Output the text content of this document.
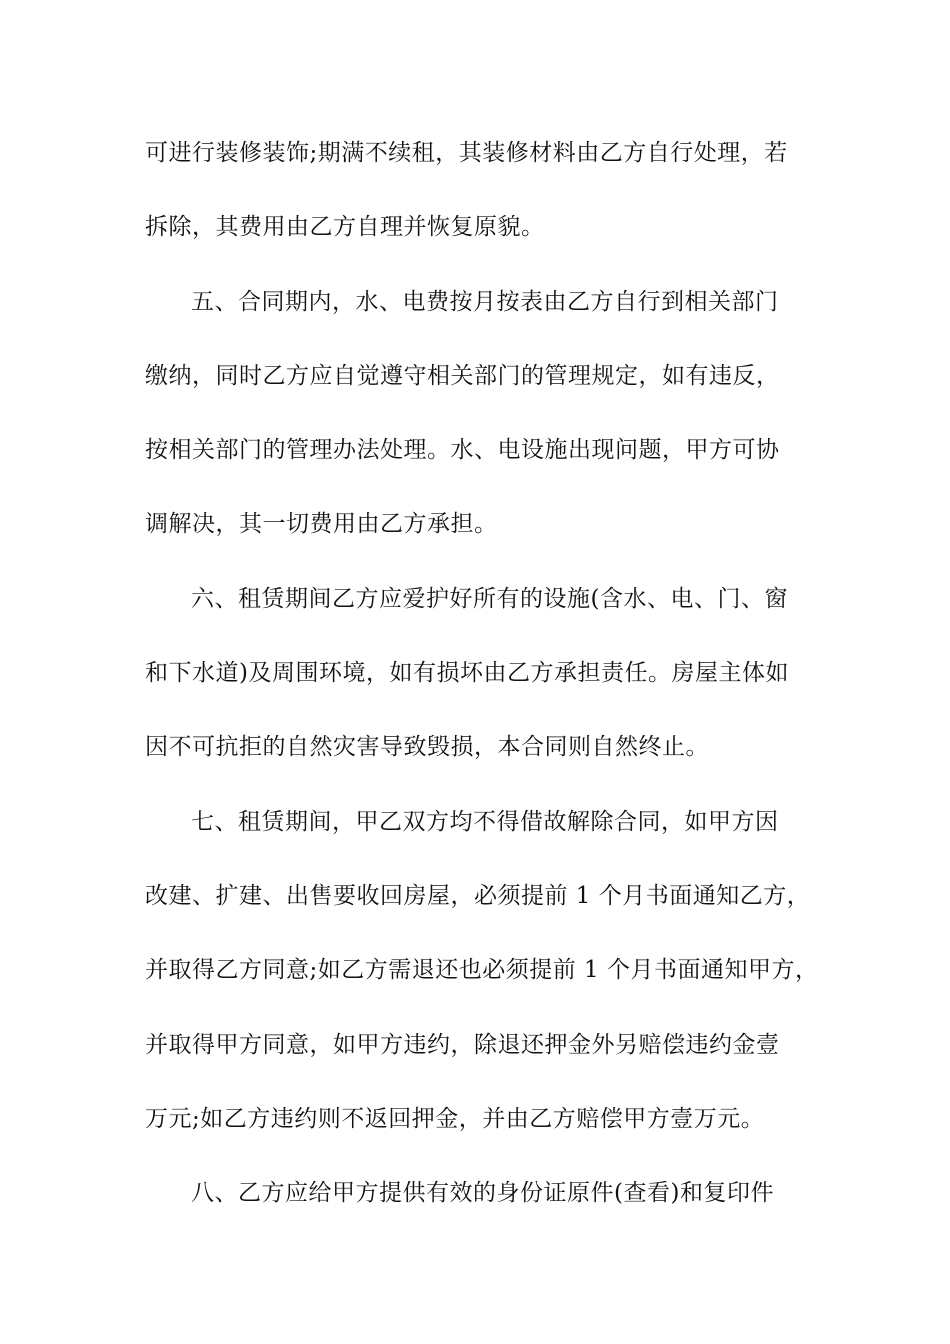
可进行装修装饰;期满不续租，其装修材料由乙方自行处理，若
拆除，其费用由乙方自理并恢复原貌。
五、合同期内，水、电费按月按表由乙方自行到相关部门
缴纳，同时乙方应自觉遵守相关部门的管理规定，如有违反，
按相关部门的管理办法处理。水、电设施出现问题，甲方可协
调解决，其一切费用由乙方承担。
六、租赁期间乙方应爱护好所有的设施(含水、电、门、窗
和下水道)及周围环境，如有损坏由乙方承担责任。房屋主体如
因不可抗拒的自然灾害导致毁损，本合同则自然终止。
七、租赁期间，甲乙双方均不得借故解除合同，如甲方因
改建、扩建、出售要收回房屋，必须提前 1 个月书面通知乙方，
并取得乙方同意;如乙方需退还也必须提前 1 个月书面通知甲方，
并取得甲方同意，如甲方违约，除退还押金外另赔偿违约金壹
万元;如乙方违约则不返回押金，并由乙方赔偿甲方壹万元。
八、乙方应给甲方提供有效的身份证原件(查看)和复印件
